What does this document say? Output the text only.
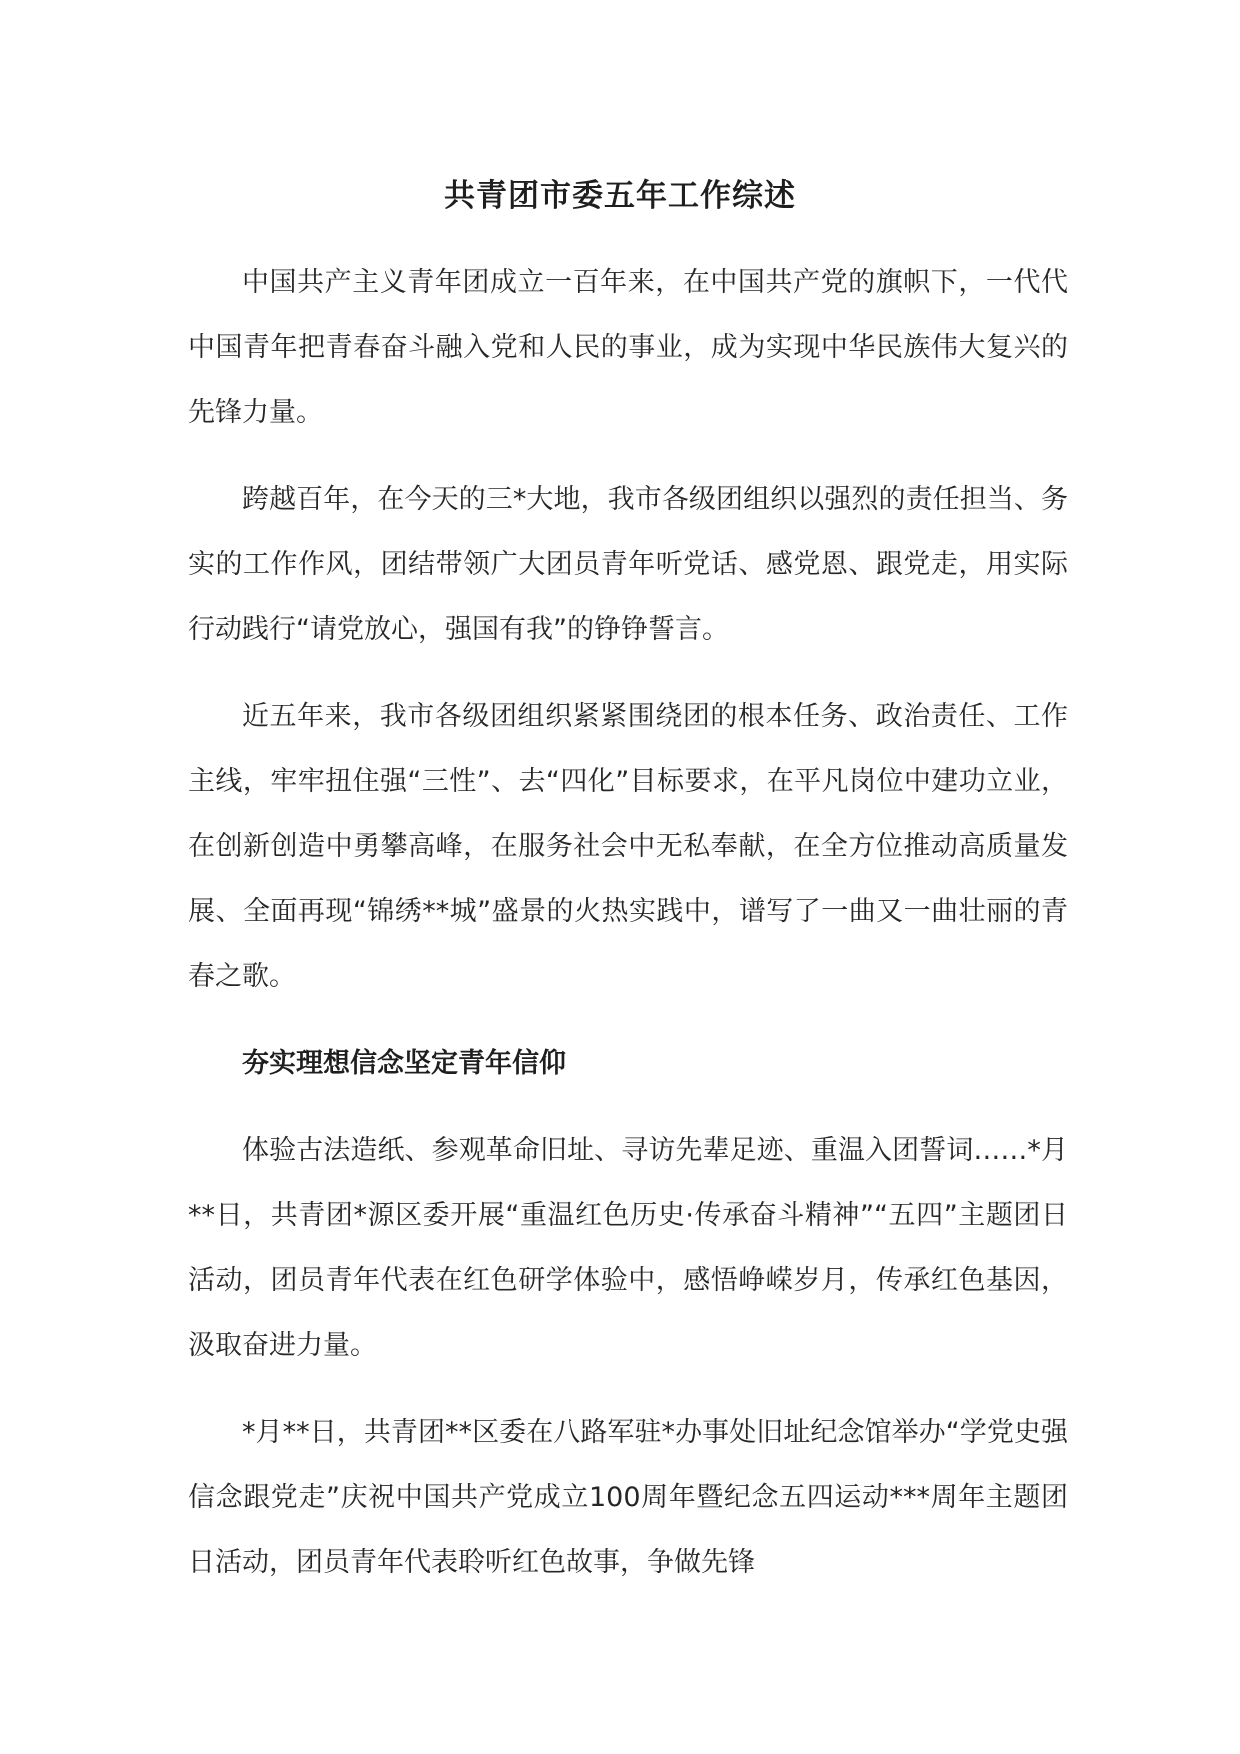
共青团市委五年工作综述

中国共产主义青年团成立一百年来，在中国共产党的旗帜下，一代代中国青年把青春奋斗融入党和人民的事业，成为实现中华民族伟大复兴的先锋力量。

跨越百年，在今天的三*大地，我市各级团组织以强烈的责任担当、务实的工作作风，团结带领广大团员青年听党话、感党恩、跟党走，用实际行动践行“请党放心，强国有我”的铮铮誓言。

近五年来，我市各级团组织紧紧围绕团的根本任务、政治责任、工作主线，牢牢扭住强“三性”、去“四化”目标要求，在平凡岗位中建功立业，在创新创造中勇攀高峰，在服务社会中无私奉献，在全方位推动高质量发展、全面再现“锦绣**城”盛景的火热实践中，谱写了一曲又一曲壮丽的青春之歌。

夯实理想信念坚定青年信仰

体验古法造纸、参观革命旧址、寻访先辈足迹、重温入团誓词……*月**日，共青团*源区委开展“重温红色历史·传承奋斗精神”“五四”主题团日活动，团员青年代表在红色研学体验中，感悟峥嵘岁月，传承红色基因，汲取奋进力量。

*月**日，共青团**区委在八路军驻*办事处旧址纪念馆举办“学党史强信念跟党走”庆祝中国共产党成立100周年暨纪念五四运动***周年主题团日活动，团员青年代表聆听红色故事，争做先锋
